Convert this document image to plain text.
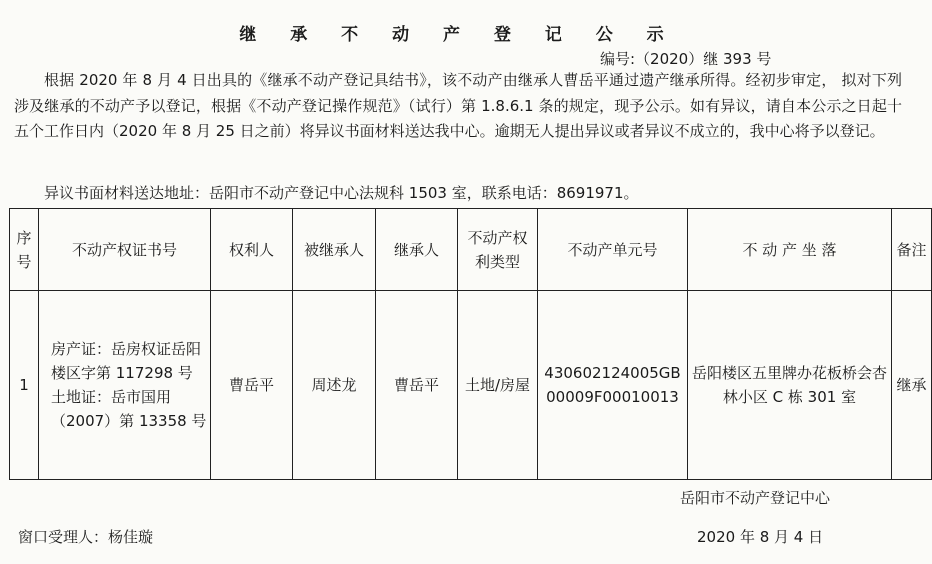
继 承 不 动 产 登 记 公 示
编号:（2020）继 393 号
根据 2020 年 8 月 4 日出具的《继承不动产登记具结书》，该不动产由继承人曹岳平通过遗产继承所得。经初步审定， 拟对下列涉及继承的不动产予以登记，根据《不动产登记操作规范》（试行）第 1.8.6.1 条的规定，现予公示。如有异议，请自本公示之日起十五个工作日内（2020 年 8 月 25 日之前）将异议书面材料送达我中心。逾期无人提出异议或者异议不成立的，我中心将予以登记。
异议书面材料送达地址：岳阳市不动产登记中心法规科 1503 室，联系电话：8691971。
序号	不动产权证书号	权利人	被继承人	继承人	不动产权利类型	不动产单元号	不 动 产 坐 落	备注
1	房产证：岳房权证岳阳楼区字第 117298 号土地证：岳市国用（2007）第 13358 号	曹岳平	周述龙	曹岳平	土地/房屋	430602124005GB00009F00010013	岳阳楼区五里牌办花板桥会杏林小区 C 栋 301 室	继承
岳阳市不动产登记中心
窗口受理人：杨佳璇	2020 年 8 月 4 日
